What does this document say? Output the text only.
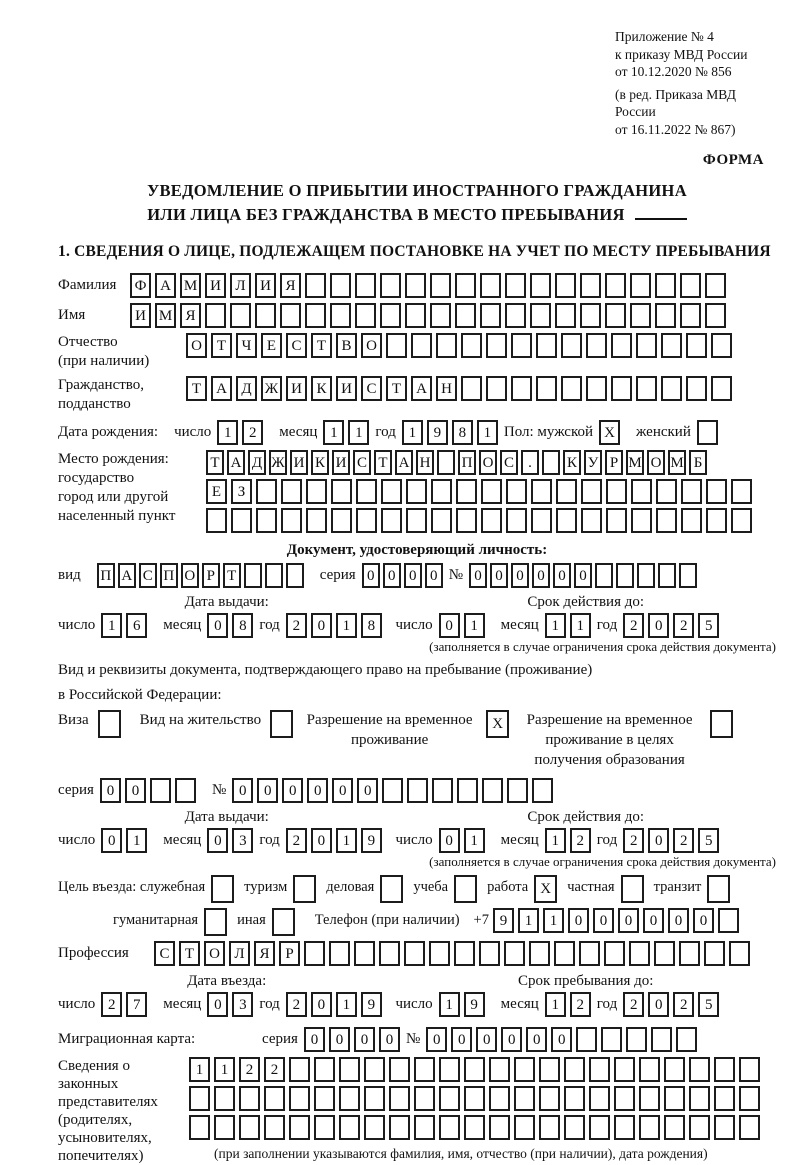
Приложение № 4
к приказу МВД России
от 10.12.2020 № 856
(в ред. Приказа МВД России
от 16.11.2022 № 867)
ФОРМА
УВЕДОМЛЕНИЕ О ПРИБЫТИИ ИНОСТРАННОГО ГРАЖДАНИНА
ИЛИ ЛИЦА БЕЗ ГРАЖДАНСТВА В МЕСТО ПРЕБЫВАНИЯ
1. СВЕДЕНИЯ О ЛИЦЕ, ПОДЛЕЖАЩЕМ ПОСТАНОВКЕ НА УЧЕТ ПО МЕСТУ ПРЕБЫВАНИЯ
Фамилия	Ф А М И Л И Я
Имя	И М Я
Отчество
(при наличии)
О Т	Ч	Е	С	Т	В О
Гражданство,
подданство
Т	А Д Ж И К И С	Т	А Н
Дата рождения: число 1	2	месяц 1	1 год 1	9	8	1 Пол: мужской X	женский
Место рождения:
государство
город или другой
населенный пункт
Т А Д Ж И К И С Т А Н П О С .	К У Р М О М Б
Е	З
Документ, удостоверяющий личность:
вид П А С П О Р Т	серия 0 0 0 0 № 0 0 0 0 0 0
Дата выдачи:
число 1	6	месяц 0	8 год 2	0	1	8
Срок действия до:
число 0	1	месяц 1	1 год 2	0	2	5
(заполняется в случае ограничения срока действия документа)
Вид и реквизиты документа, подтверждающего право на пребывание (проживание)
в Российской Федерации:
Виза	Вид на жительство	Разрешение на временное проживание
X	Разрешение на временное проживание в целях получения образования
серия 0	0	№ 0	0	0	0	0	0
Дата выдачи:
число 0	1	месяц 0	3 год 2	0	1	9
Срок действия до:
число 0	1	месяц 1	2 год 2	0	2	5
(заполняется в случае ограничения срока действия документа)
Цель въезда: служебная	туризм	деловая	учеба	работа X	частная	транзит
гуманитарная	иная	Телефон (при наличии) +7 9	1	1	0	0	0	0	0	0
Профессия	С	Т	О Л Я	Р
Дата въезда:
число 2	7	месяц 0	3 год 2	0	1	9
Срок пребывания до:
число 1	9	месяц 1	2 год 2	0	2	5
Миграционная карта:	серия 0	0	0	0 № 0	0	0	0	0	0
Сведения о законных представителях (родителях, усыновителях, попечителях)
1	1	2	2
(при заполнении указываются фамилия, имя, отчество (при наличии), дата рождения)
